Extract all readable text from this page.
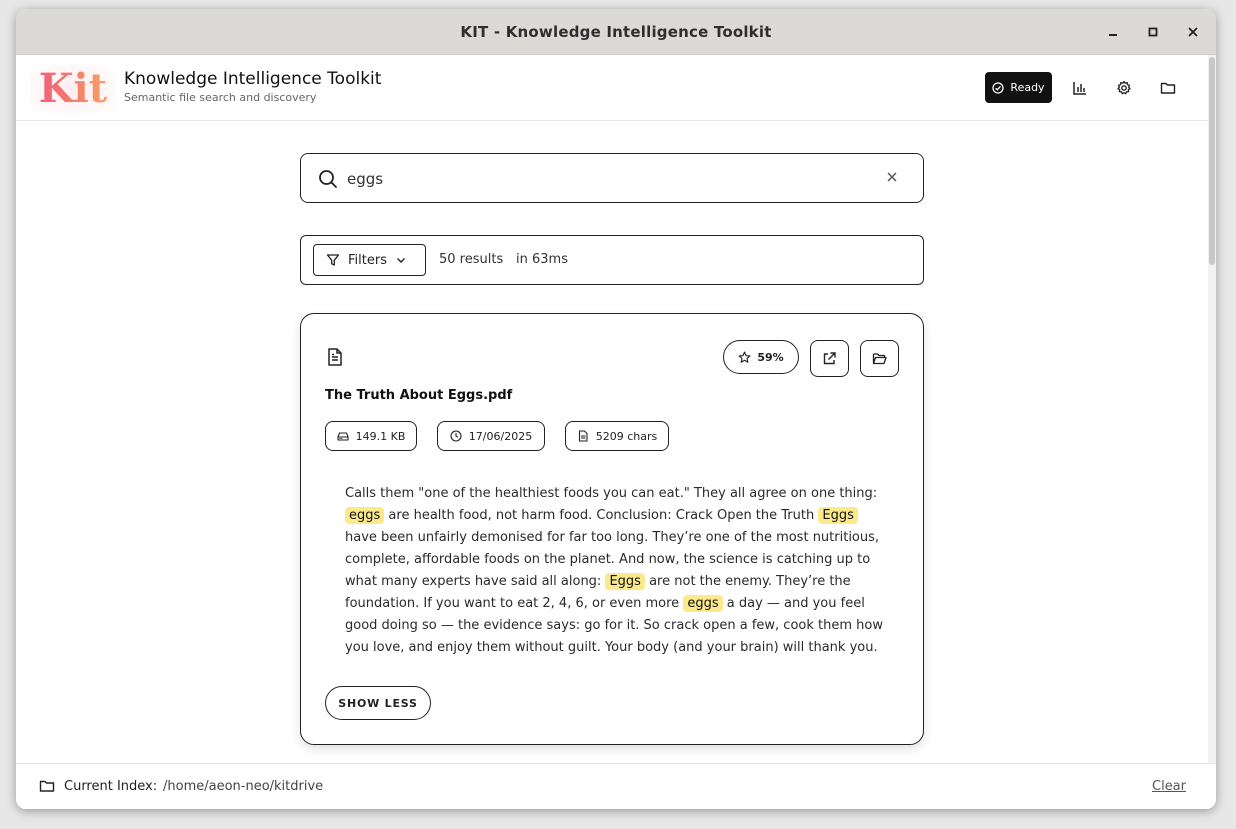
KIT - Knowledge Intelligence Toolkit
Kit Knowledge Intelligence Toolkit
Semantic file search and discovery
Ready
eggs
Filters	50 results in 63ms
59%
The Truth About Eggs.pdf
149.1 KB	17/06/2025	5209 chars
Calls them "one of the healthiest foods you can eat." They all agree on one thing: eggs are health food, not harm food. Conclusion: Crack Open the Truth Eggs have been unfairly demonised for far too long. They’re one of the most nutritious, complete, affordable foods on the planet. And now, the science is catching up to what many experts have said all along: Eggs are not the enemy. They’re the foundation. If you want to eat 2, 4, 6, or even more eggs a day — and you feel good doing so — the evidence says: go for it. So crack open a few, cook them how you love, and enjoy them without guilt. Your body (and your brain) will thank you.
SHOW LESS
Current Index: /home/aeon-neo/kitdrive	Clear
